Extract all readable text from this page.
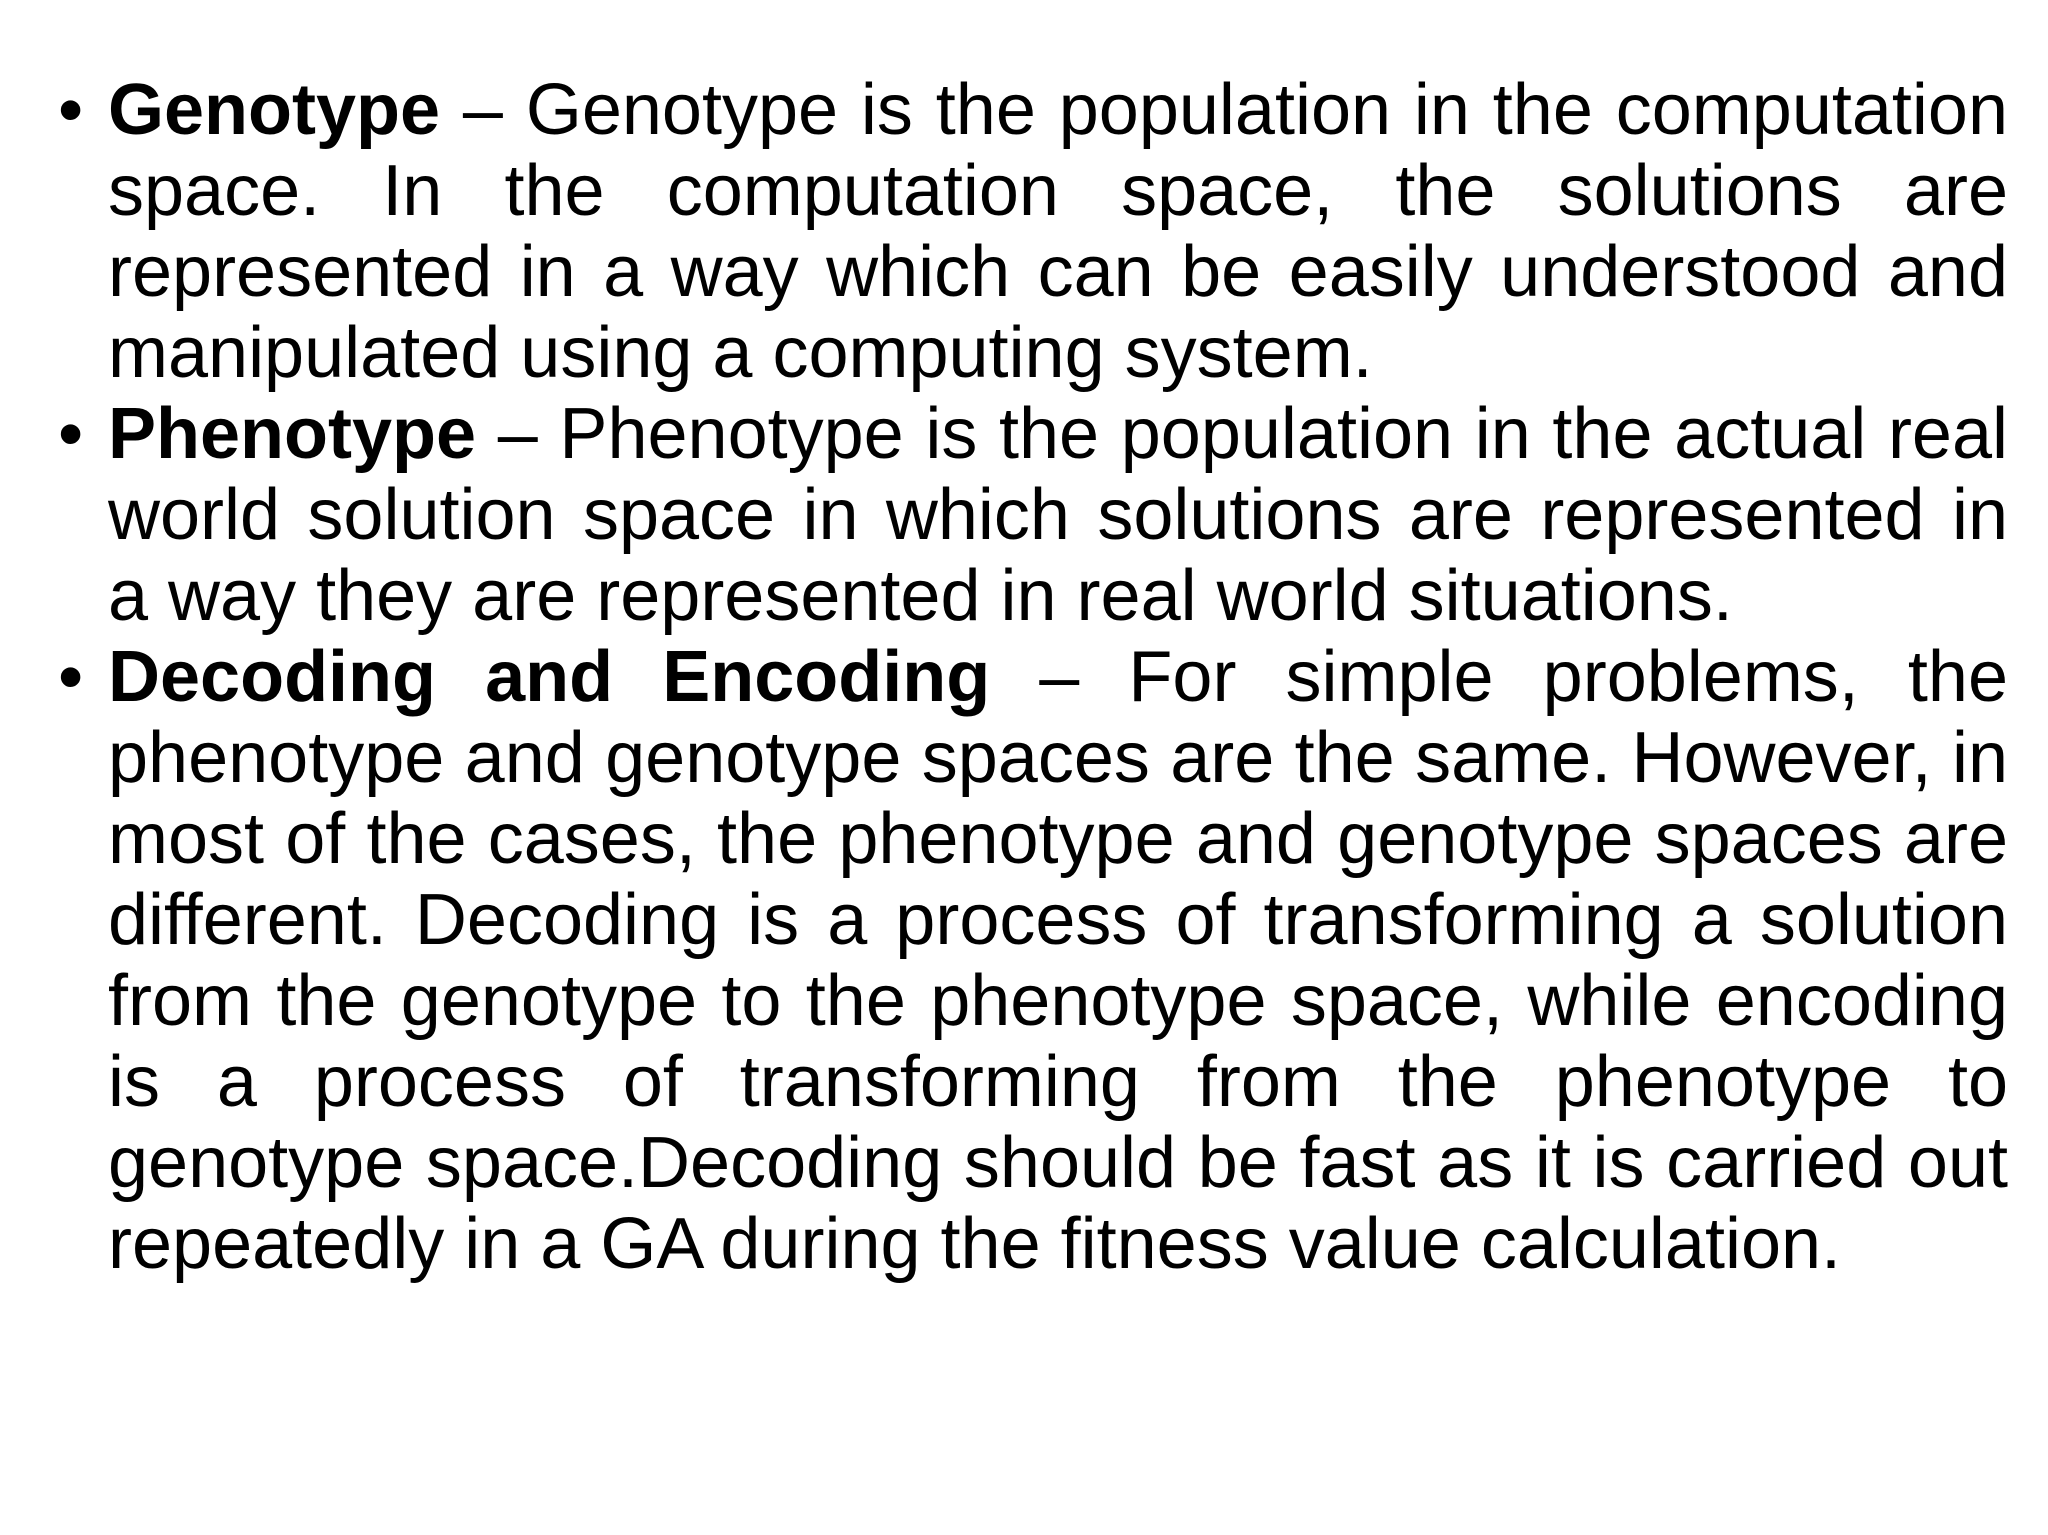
• Genotype – Genotype is the population in the computation space. In the computation space, the solutions are represented in a way which can be easily understood and manipulated using a computing system.
• Phenotype – Phenotype is the population in the actual real world solution space in which solutions are represented in a way they are represented in real world situations.
• Decoding and Encoding – For simple problems, the phenotype and genotype spaces are the same. However, in most of the cases, the phenotype and genotype spaces are different. Decoding is a process of transforming a solution from the genotype to the phenotype space, while encoding is a process of transforming from the phenotype to genotype space.Decoding should be fast as it is carried out repeatedly in a GA during the fitness value calculation.
